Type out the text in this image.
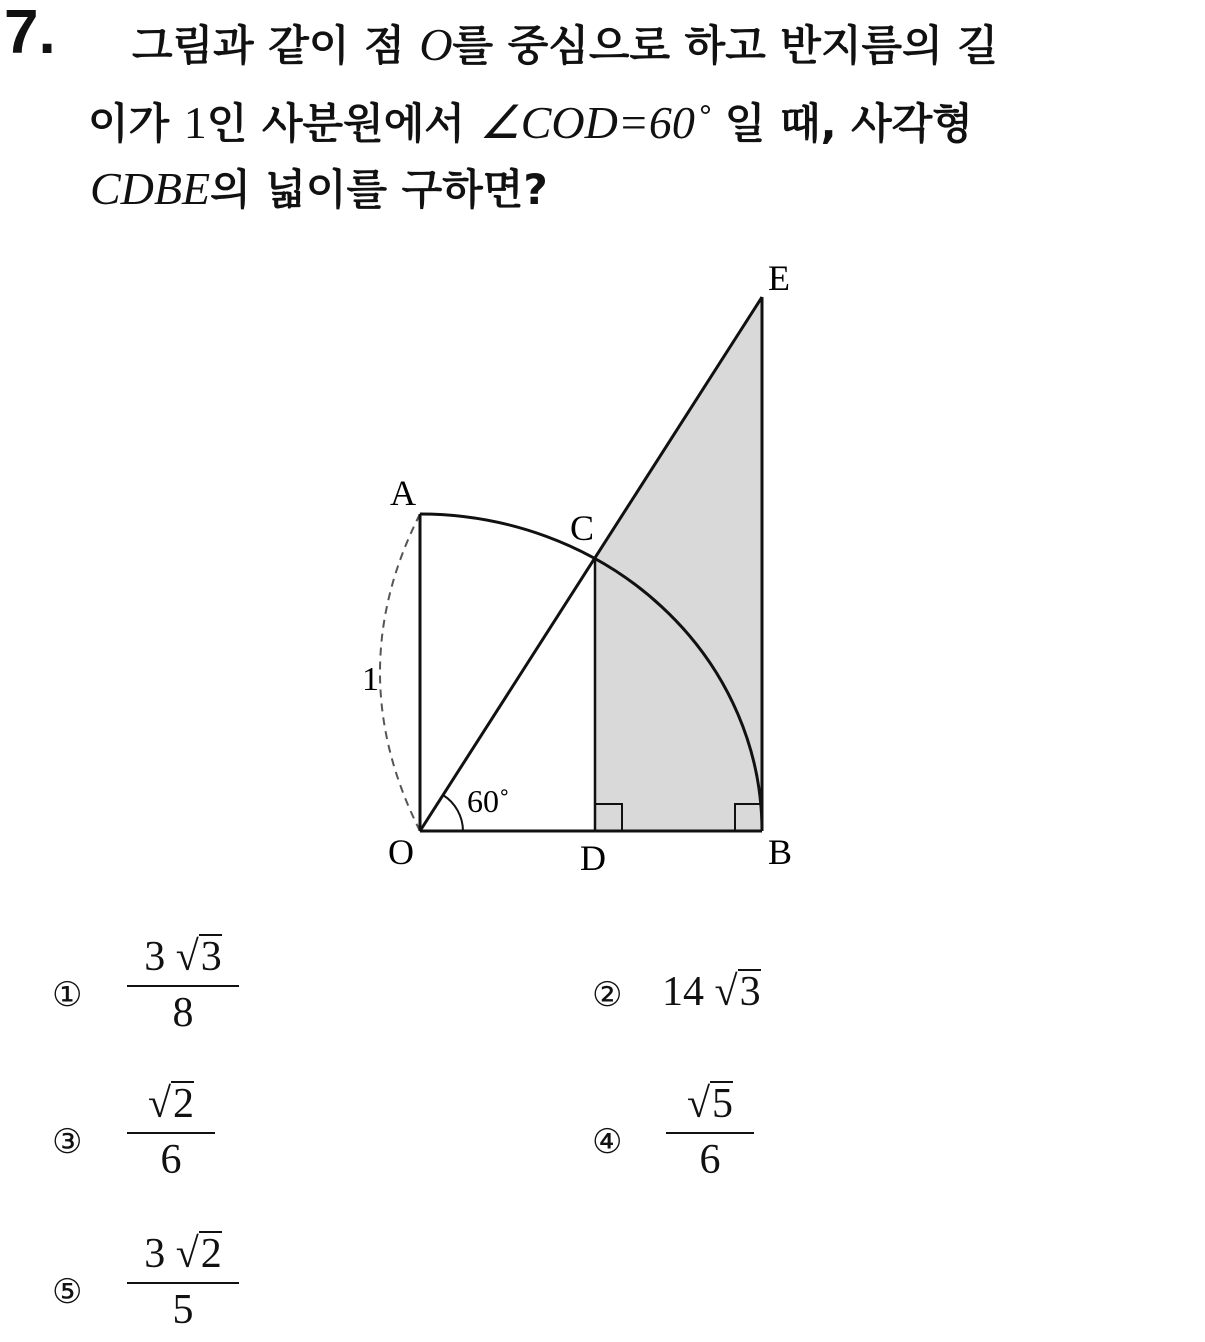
7. 그림과 같이 점 O를 중심으로 하고 반지름의 길
이가 1인 사분원에서 ∠COD=60˚ 일 때, 사각형
CDBE의 넓이를 구하면?
A
C
E
O	D	B
1
60˚
①
3 √3
8	② 14 √3
③
√2
6	④
√5
6
⑤
3 √2
5
